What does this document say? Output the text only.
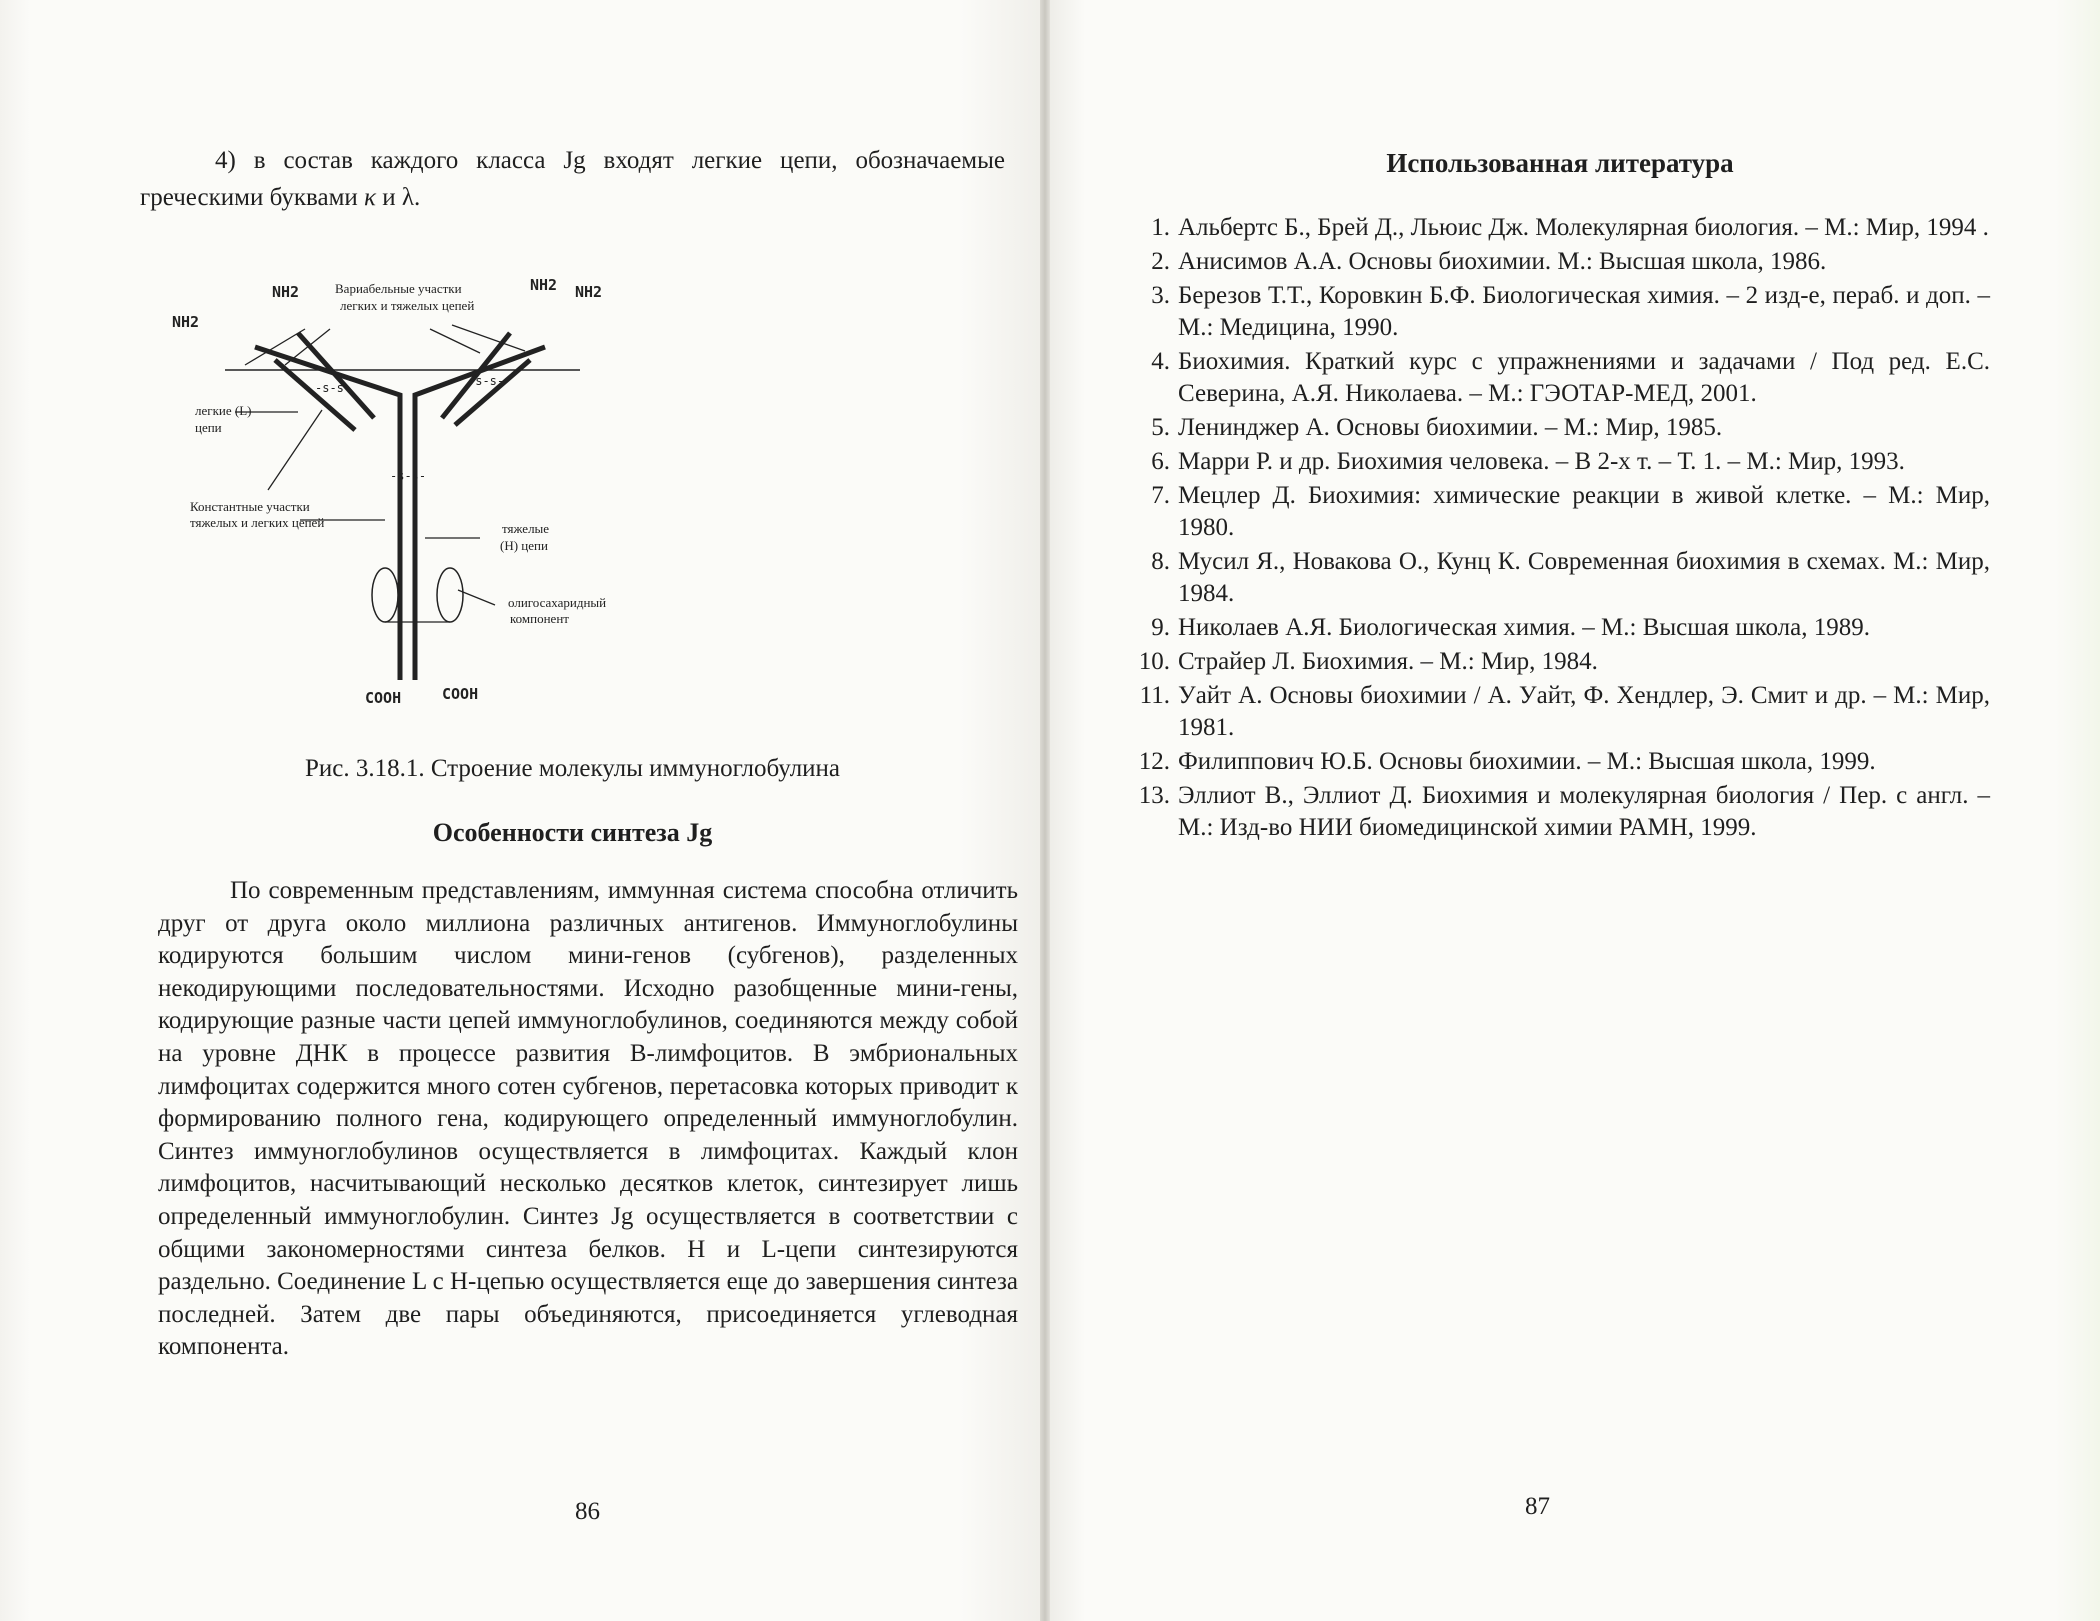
4) в состав каждого класса Jg входят легкие цепи, обозначаемые греческими буквами κ и λ.

NH2
NH2	NH2 NH2
Вариабельные участки
легких и тяжелых цепей
-s-s-	-s-s-
-s-s-
легкие (L)
цепи
Константные участки
тяжелых и легких цепей	тяжелые
(H) цепи
олигосахаридный
компонент
COOH	COOH
Рис. 3.18.1. Строение молекулы иммуноглобулина
Особенности синтеза Jg

По современным представлениям, иммунная система способна отличить друг от друга около миллиона различных антигенов. Иммуноглобулины кодируются большим числом мини-генов (субгенов), разделенных некодирующими последовательностями. Исходно разобщенные мини-гены, кодирующие разные части цепей иммуноглобулинов, соединяются между собой на уровне ДНК в процессе развития B-лимфоцитов. В эмбриональных лимфоцитах содержится много сотен субгенов, перетасовка которых приводит к формированию полного гена, кодирующего определенный иммуноглобулин. Синтез иммуноглобулинов осуществляется в лимфоцитах. Каждый клон лимфоцитов, насчитывающий несколько десятков клеток, синтезирует лишь определенный иммуноглобулин. Синтез Jg осуществляется в соответствии с общими закономерностями синтеза белков. H и L-цепи синтезируются раздельно. Соединение L с H-цепью осуществляется еще до завершения синтеза последней. Затем две пары объединяются, присоединяется углеводная компонента.

86
Использованная литература
1. Альбертс Б., Брей Д., Льюис Дж. Молекулярная биология. – М.: Мир, 1994 .
2. Анисимов А.А. Основы биохимии. М.: Высшая школа, 1986.
3. Березов Т.Т., Коровкин Б.Ф. Биологическая химия. – 2 изд-е, пераб. и доп. – М.: Медицина, 1990.
4. Биохимия. Краткий курс с упражнениями и задачами / Под ред. Е.С. Северина, А.Я. Николаева. – М.: ГЭОТАР-МЕД, 2001.
5. Ленинджер А. Основы биохимии. – М.: Мир, 1985.
6. Марри Р. и др. Биохимия человека. – В 2-х т. – Т. 1. – М.: Мир, 1993.
7. Мецлер Д. Биохимия: химические реакции в живой клетке. – М.: Мир, 1980.
8. Мусил Я., Новакова О., Кунц К. Современная биохимия в схемах. М.: Мир, 1984.
9. Николаев А.Я. Биологическая химия. – М.: Высшая школа, 1989.
10. Страйер Л. Биохимия. – М.: Мир, 1984.
11. Уайт А. Основы биохимии / А. Уайт, Ф. Хендлер, Э. Смит и др. – М.: Мир, 1981.
12. Филиппович Ю.Б. Основы биохимии. – М.: Высшая школа, 1999.
13. Эллиот В., Эллиот Д. Биохимия и молекулярная биология / Пер. с англ. – М.: Изд-во НИИ биомедицинской химии РАМН, 1999.
87
